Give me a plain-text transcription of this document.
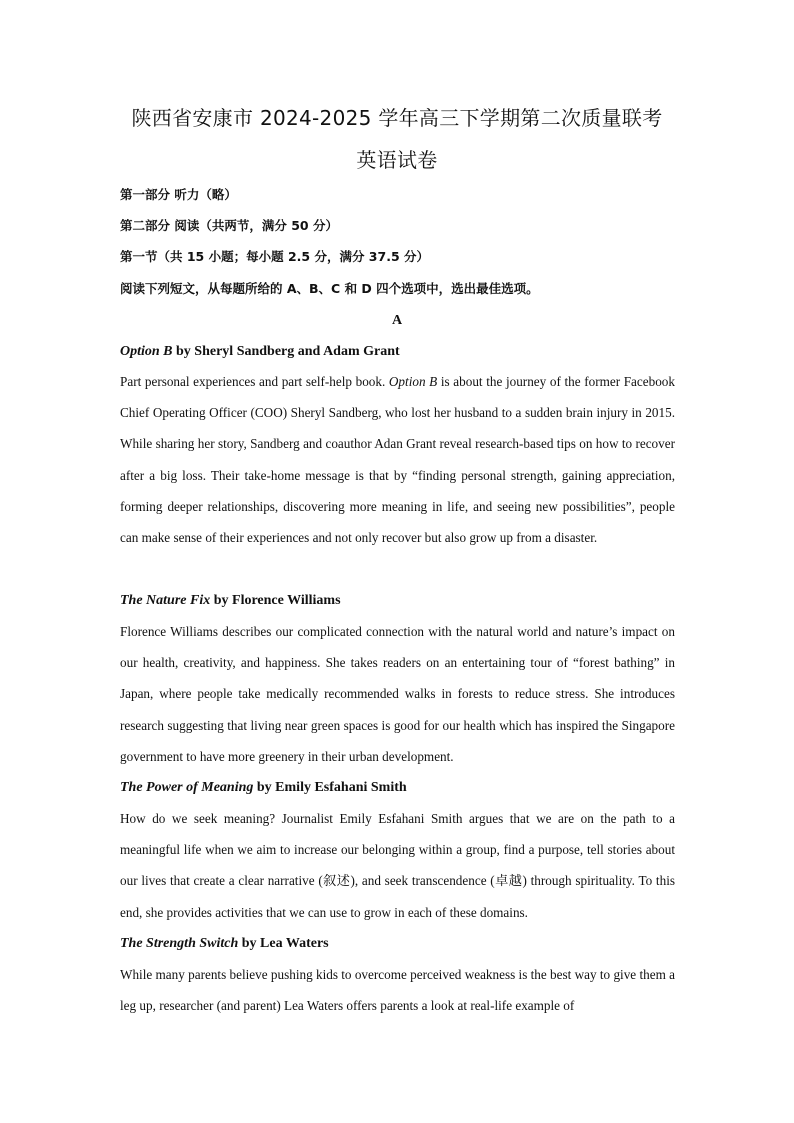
陕西省安康市 2024-2025 学年高三下学期第二次质量联考
英语试卷
第一部分 听力（略）
第二部分 阅读（共两节，满分 50 分）
第一节（共 15 小题；每小题 2.5 分，满分 37.5 分）
阅读下列短文，从每题所给的 A、B、C 和 D 四个选项中，选出最佳选项。
A
Option B by Sheryl Sandberg and Adam Grant

Part personal experiences and part self-help book. Option B is about the journey of the former Facebook Chief Operating Officer (COO) Sheryl Sandberg, who lost her husband to a sudden brain injury in 2015. While sharing her story, Sandberg and coauthor Adan Grant reveal research-based tips on how to recover after a big loss. Their take-home message is that by “finding personal strength, gaining appreciation, forming deeper relationships, discovering more meaning in life, and seeing new possibilities”, people can make sense of their experiences and not only recover but also grow up from a disaster.

The Nature Fix by Florence Williams

Florence Williams describes our complicated connection with the natural world and nature’s impact on our health, creativity, and happiness. She takes readers on an entertaining tour of “forest bathing” in Japan, where people take medically recommended walks in forests to reduce stress. She introduces research suggesting that living near green spaces is good for our health which has inspired the Singapore government to have more greenery in their urban development.

The Power of Meaning by Emily Esfahani Smith

How do we seek meaning? Journalist Emily Esfahani Smith argues that we are on the path to a meaningful life when we aim to increase our belonging within a group, find a purpose, tell stories about our lives that create a clear narrative (叙述), and seek transcendence (卓越) through spirituality. To this end, she provides activities that we can use to grow in each of these domains.

The Strength Switch by Lea Waters

While many parents believe pushing kids to overcome perceived weakness is the best way to give them a leg up, researcher (and parent) Lea Waters offers parents a look at real-life example of
